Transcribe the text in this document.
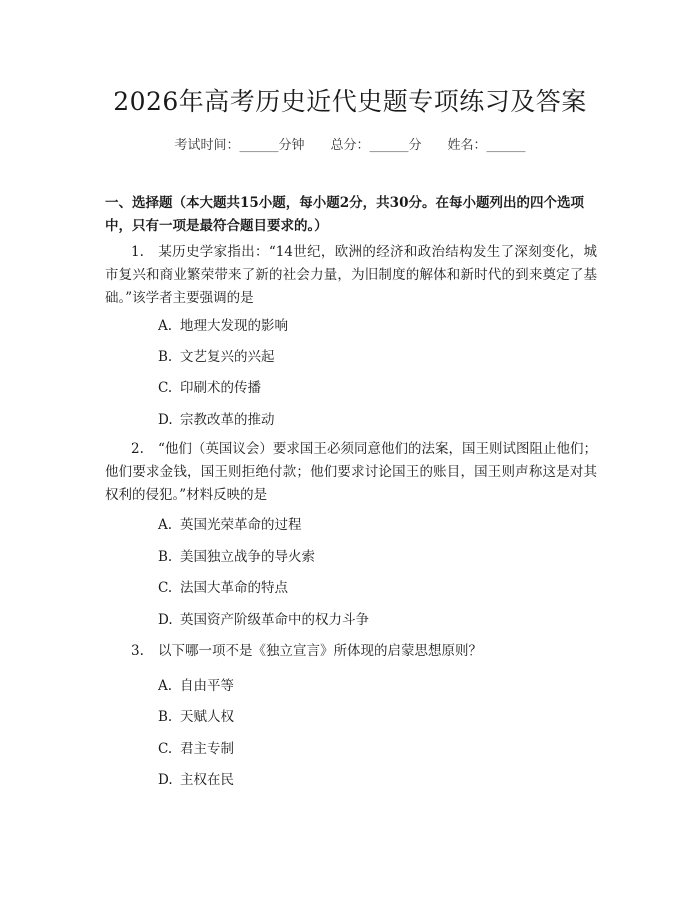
2026年高考历史近代史题专项练习及答案
考试时间：______分钟 总分：______分 姓名：______
一、选择题（本大题共15小题，每小题2分，共30分。在每小题列出的四个选项中，只有一项是最符合题目要求的。）
1. 某历史学家指出：“14世纪，欧洲的经济和政治结构发生了深刻变化，城市复兴和商业繁荣带来了新的社会力量，为旧制度的解体和新时代的到来奠定了基础。”该学者主要强调的是
A. 地理大发现的影响
B. 文艺复兴的兴起
C. 印刷术的传播
D. 宗教改革的推动
2. “他们（英国议会）要求国王必须同意他们的法案，国王则试图阻止他们；他们要求金钱，国王则拒绝付款；他们要求讨论国王的账目，国王则声称这是对其权利的侵犯。”材料反映的是
A. 英国光荣革命的过程
B. 美国独立战争的导火索
C. 法国大革命的特点
D. 英国资产阶级革命中的权力斗争
3. 以下哪一项不是《独立宣言》所体现的启蒙思想原则？
A. 自由平等
B. 天赋人权
C. 君主专制
D. 主权在民
